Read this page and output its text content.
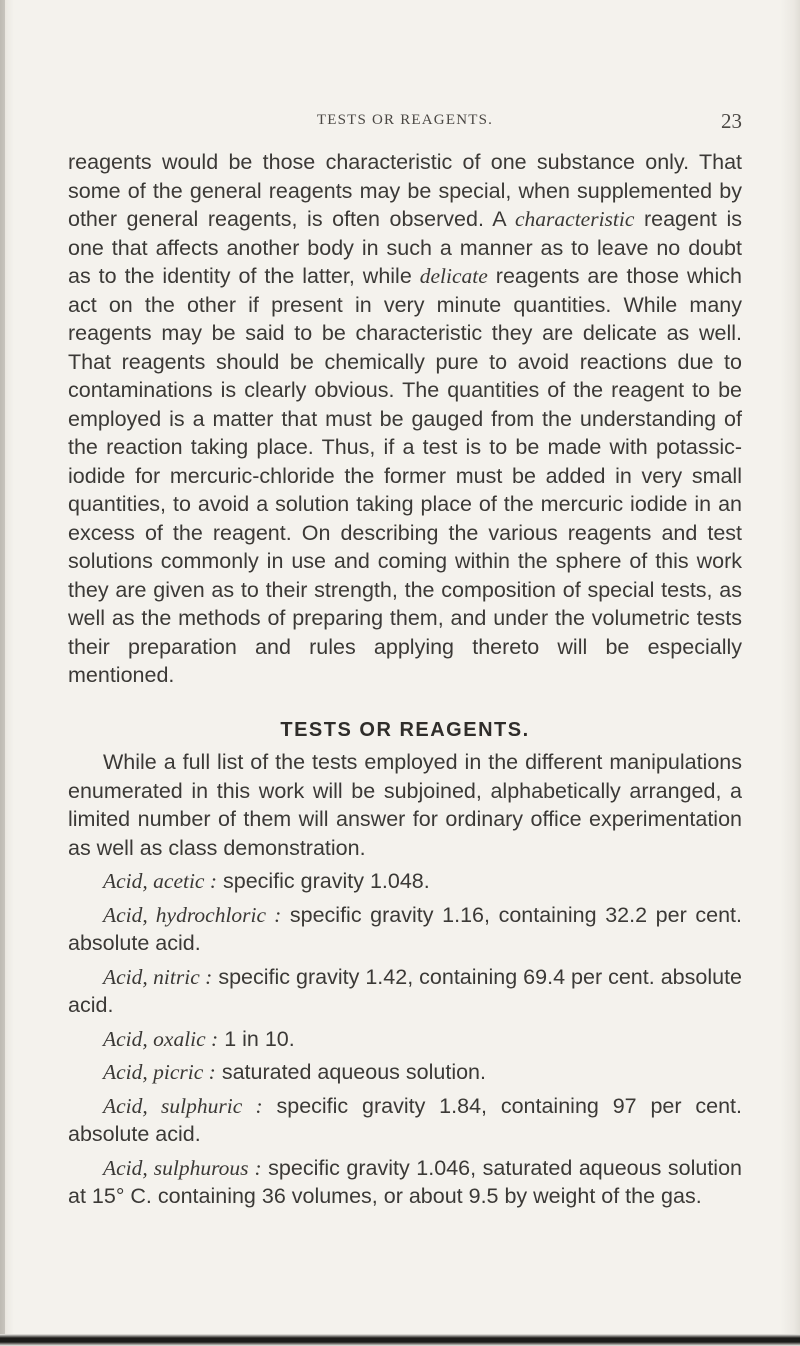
TESTS OR REAGENTS.	23

reagents would be those characteristic of one substance only. That some of the general reagents may be special, when supplemented by other general reagents, is often observed. A characteristic reagent is one that affects another body in such a manner as to leave no doubt as to the identity of the latter, while delicate reagents are those which act on the other if present in very minute quantities. While many reagents may be said to be characteristic they are delicate as well. That reagents should be chemically pure to avoid reactions due to contaminations is clearly obvious. The quantities of the reagent to be employed is a matter that must be gauged from the understanding of the reaction taking place. Thus, if a test is to be made with potassic-iodide for mercuric-chloride the former must be added in very small quantities, to avoid a solution taking place of the mercuric iodide in an excess of the reagent. On describing the various reagents and test solutions commonly in use and coming within the sphere of this work they are given as to their strength, the composition of special tests, as well as the methods of preparing them, and under the volumetric tests their preparation and rules applying thereto will be especially mentioned.

TESTS OR REAGENTS.

While a full list of the tests employed in the different manipulations enumerated in this work will be subjoined, alphabetically arranged, a limited number of them will answer for ordinary office experimentation as well as class demonstration.

Acid, acetic : specific gravity 1.048.

Acid, hydrochloric : specific gravity 1.16, containing 32.2 per cent. absolute acid.

Acid, nitric : specific gravity 1.42, containing 69.4 per cent. absolute acid.

Acid, oxalic : 1 in 10.

Acid, picric : saturated aqueous solution.

Acid, sulphuric : specific gravity 1.84, containing 97 per cent. absolute acid.

Acid, sulphurous : specific gravity 1.046, saturated aqueous solution at 15° C. containing 36 volumes, or about 9.5 by weight of the gas.
